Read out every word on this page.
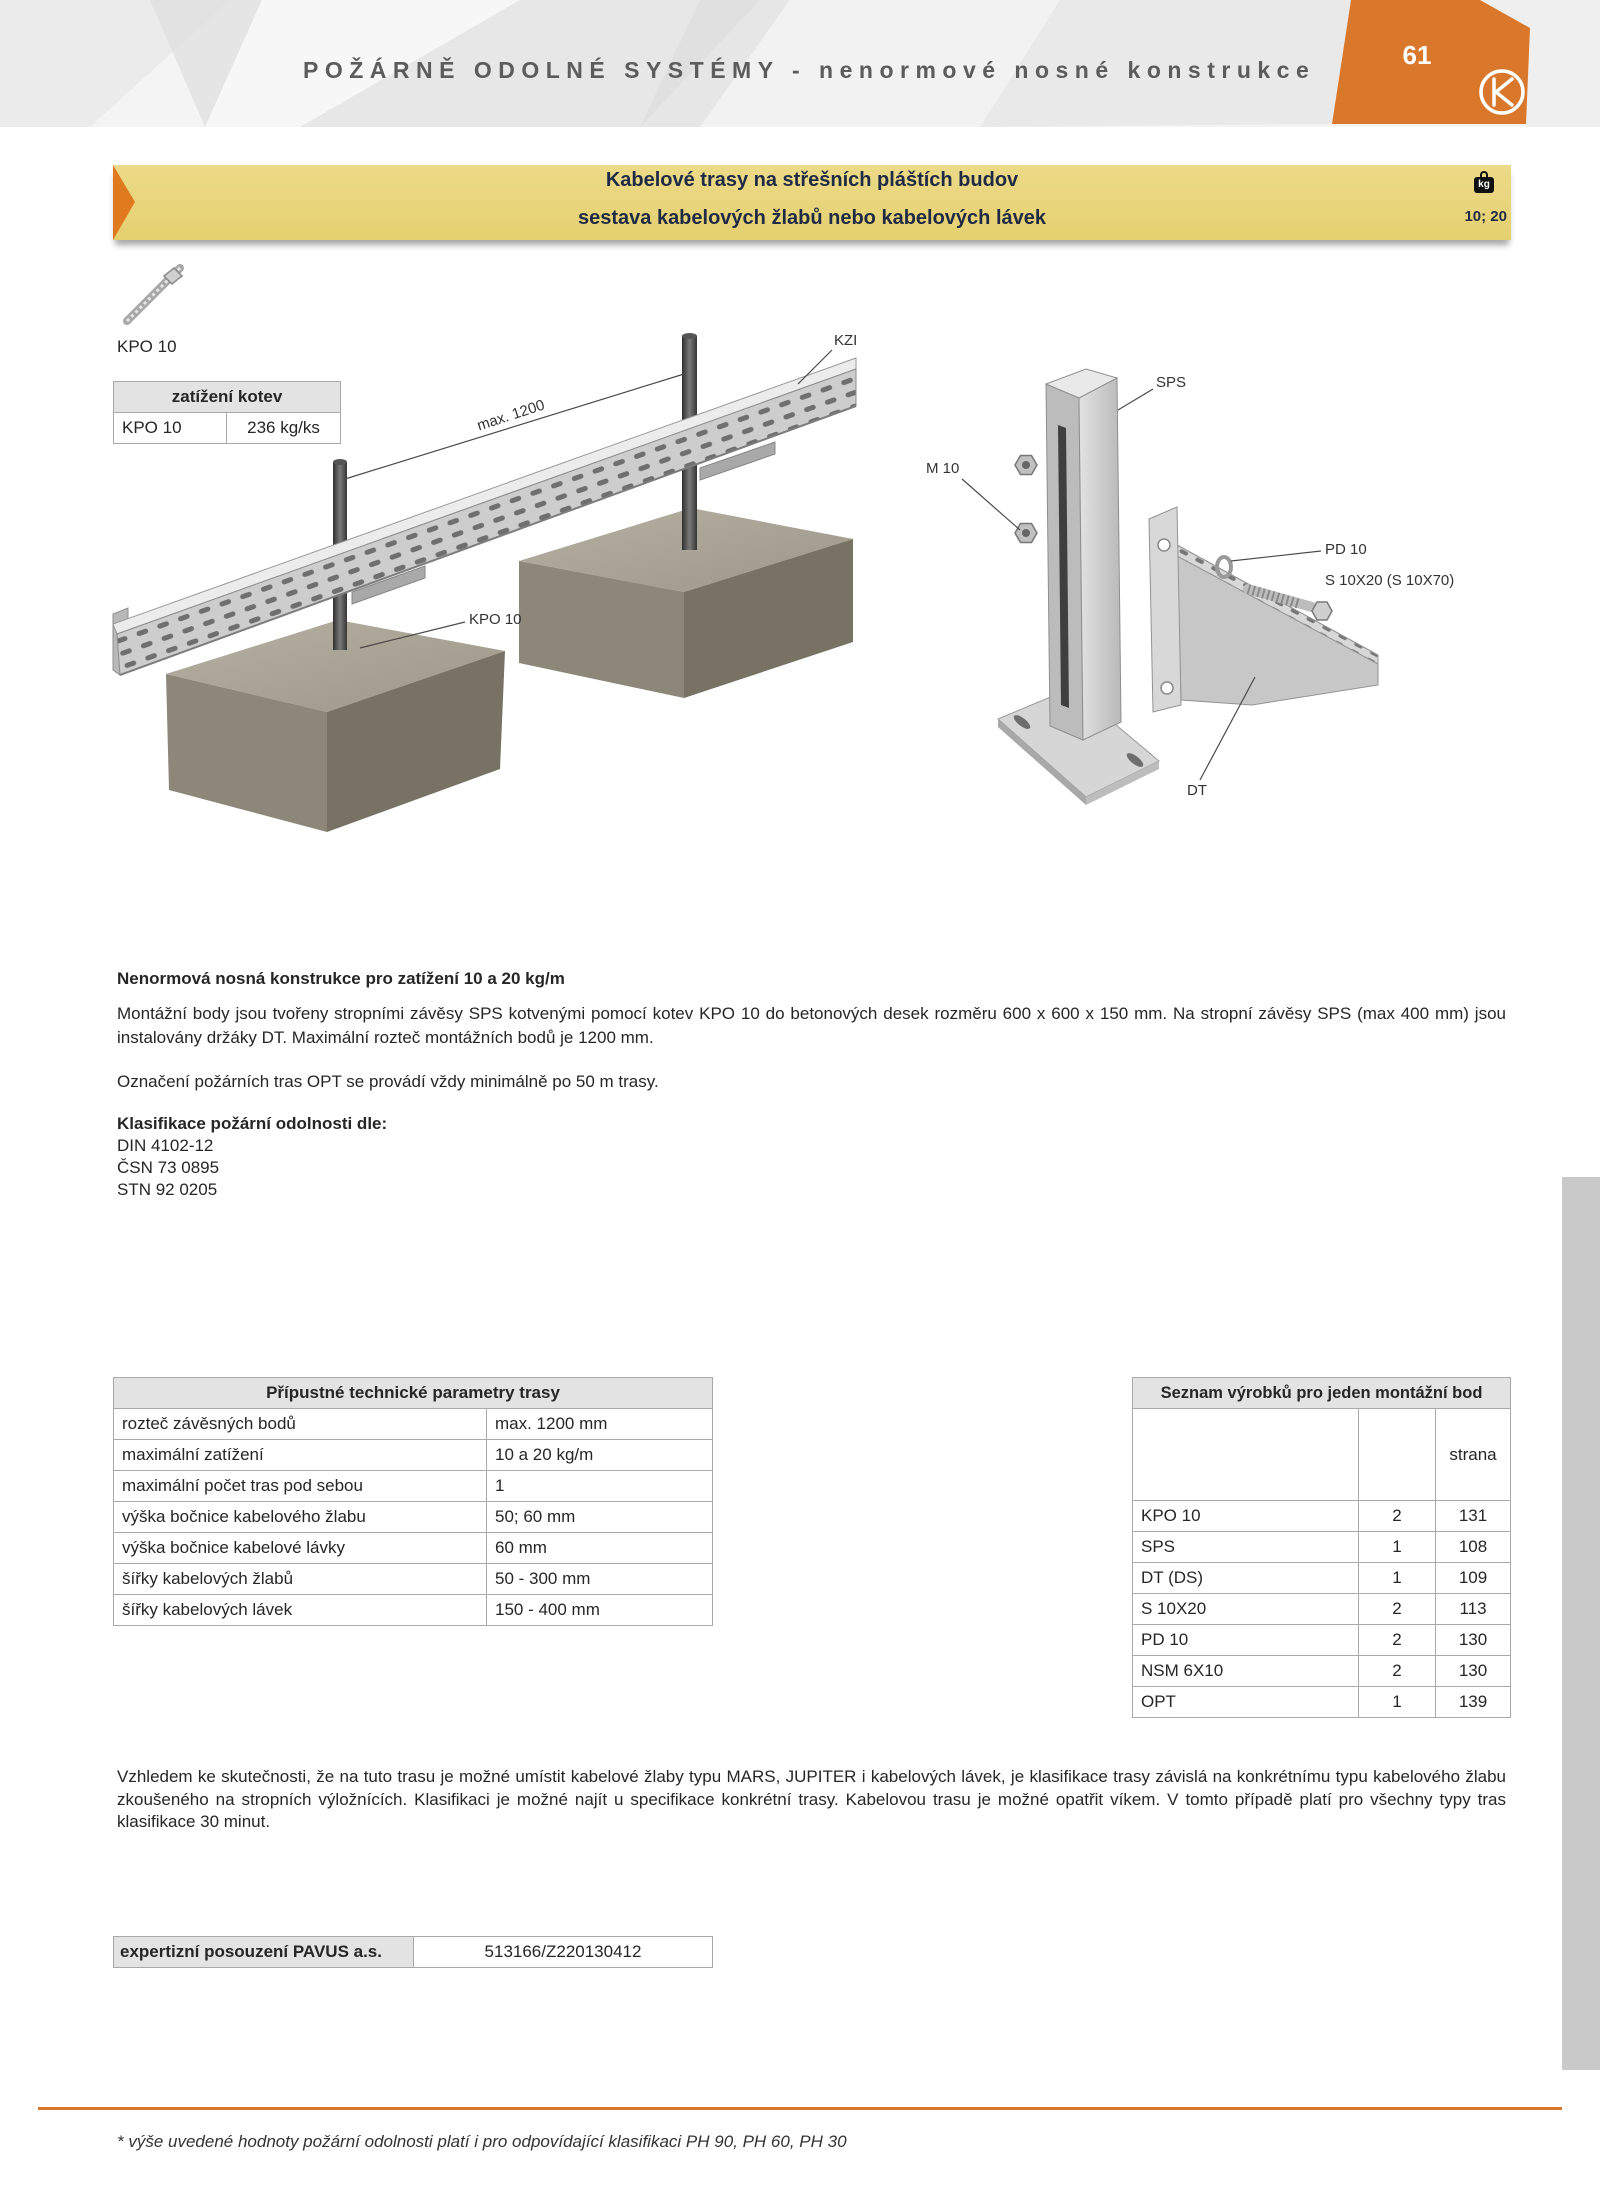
POŽÁRNĚ ODOLNÉ SYSTÉMY - nenormové nosné konstrukce	61
Kabelové trasy na střešních pláštích budov
sestava kabelových žlabů nebo kabelových lávek
kg
10; 20
KZI
max. 1200
KPO 10
SPS
M 10
PD 10
S 10X20 (S 10X70)
DT
KPO 10
zatížení kotev
KPO 10	236 kg/ks
Nenormová nosná konstrukce pro zatížení 10 a 20 kg/m
Montážní body jsou tvořeny stropními závěsy SPS kotvenými pomocí kotev KPO 10 do betonových desek rozměru 600 x 600 x 150 mm. Na stropní závěsy SPS (max 400 mm) jsou instalovány držáky DT. Maximální rozteč montážních bodů je 1200 mm.
Označení požárních tras OPT se provádí vždy minimálně po 50 m trasy.
Klasifikace požární odolnosti dle:
DIN 4102-12
ČSN 73 0895
STN 92 0205
Přípustné technické parametry trasy	
rozteč závěsných bodů	max. 1200 mm
maximální zatížení	10 a 20 kg/m
maximální počet tras pod sebou	1
výška bočnice kabelového žlabu	50; 60 mm
výška bočnice kabelové lávky	60 mm
šířky kabelových žlabů	50 - 300 mm
šířky kabelových lávek	150 - 400 mm
Seznam výrobků pro jeden montážní bod		
		strana
KPO 10	2	131
SPS	1	108
DT (DS)	1	109
S 10X20	2	113
PD 10	2	130
NSM 6X10	2	130
OPT	1	139
Vzhledem ke skutečnosti, že na tuto trasu je možné umístit kabelové žlaby typu MARS, JUPITER i kabelových lávek, je klasifikace trasy závislá na konkrétnímu typu kabelového žlabu zkoušeného na stropních výložnících. Klasifikaci je možné najít u specifikace konkrétní trasy. Kabelovou trasu je možné opatřit víkem. V tomto případě platí pro všechny typy tras klasifikace 30 minut.
expertizní posouzení PAVUS a.s.	513166/Z220130412
* výše uvedené hodnoty požární odolnosti platí i pro odpovídající klasifikaci PH 90, PH 60, PH 30
